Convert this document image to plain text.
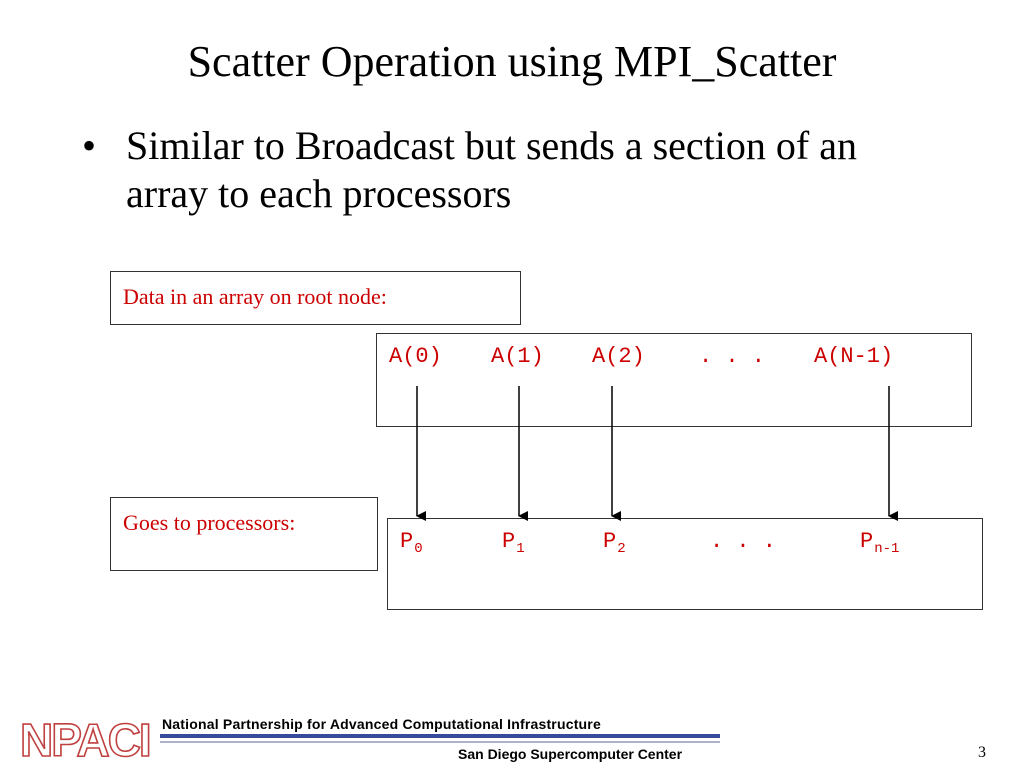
Scatter Operation using MPI_Scatter
• Similar to Broadcast but sends a section of an array to each processors
Data in an array on root node:
A(0) A(1) A(2) . . . A(N-1)
Goes to processors:
$P_0$	$P_1$	$P_2$	. . .	$P_{n-1}$
NPACI National Partnership for Advanced Computational Infrastructure
San Diego Supercomputer Center	3
